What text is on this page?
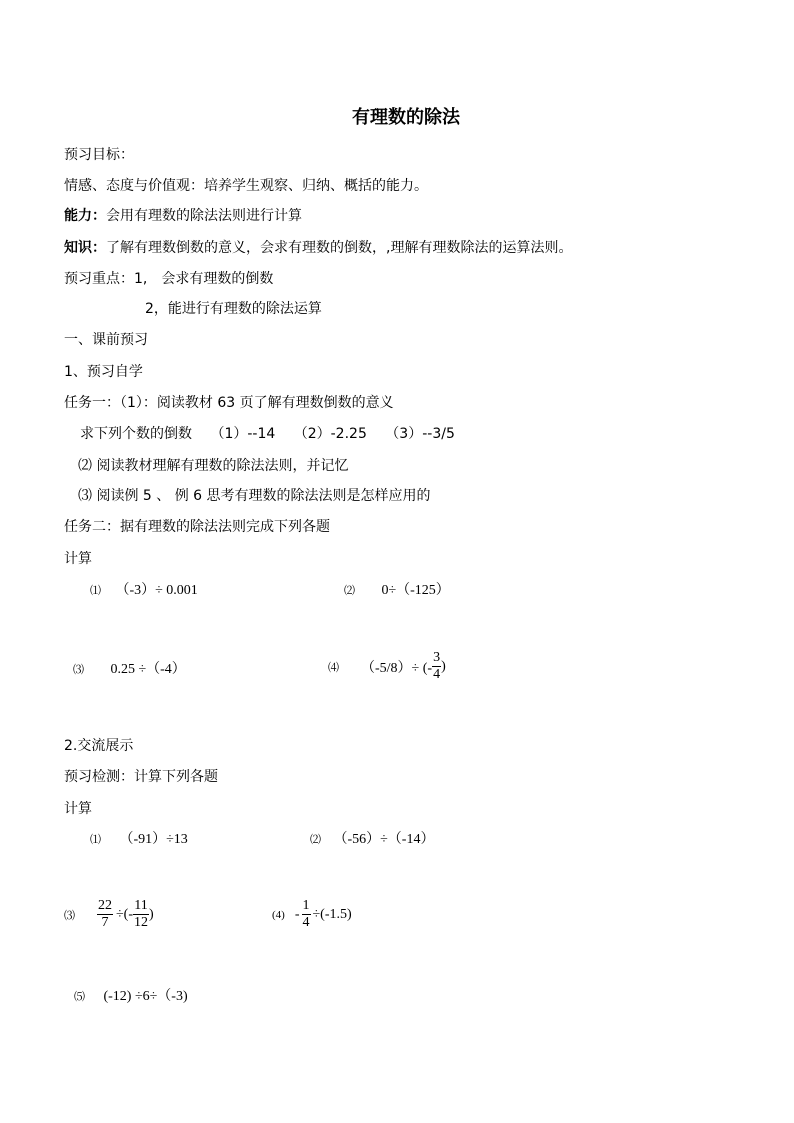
有理数的除法
预习目标：
情感、态度与价值观：培养学生观察、归纳、概括的能力。
能力：会用有理数的除法法则进行计算
知识：了解有理数倒数的意义，会求有理数的倒数，,理解有理数除法的运算法则。
预习重点：1,　会求有理数的倒数
2，能进行有理数的除法运算
一、课前预习
1、预习自学
任务一：（1）：阅读教材 63 页了解有理数倒数的意义
求下列个数的倒数　 （1）--14　 （2）-2.25　 （3）--3/5
⑵ 阅读教材理解有理数的除法法则，并记忆
⑶ 阅读例 5 、 例 6 思考有理数的除法法则是怎样应用的
任务二：据有理数的除法法则完成下列各题
计算
⑴ （-3）÷ 0.001	⑵ 0÷（-125）
⑶ 0.25 ÷（-4）	⑷ （-5/8）÷ (- $\frac{3}{4}$ )
2.交流展示
预习检测：计算下列各题
计算
⑴ （-91）÷13	⑵ （-56）÷（-14）
⑶ $\frac{22}{7}$ ÷(- $\frac{11}{12}$ )	$(4) - \frac{1}{4} \div(-1.5)$
⑸ (-12) ÷6÷（-3)
